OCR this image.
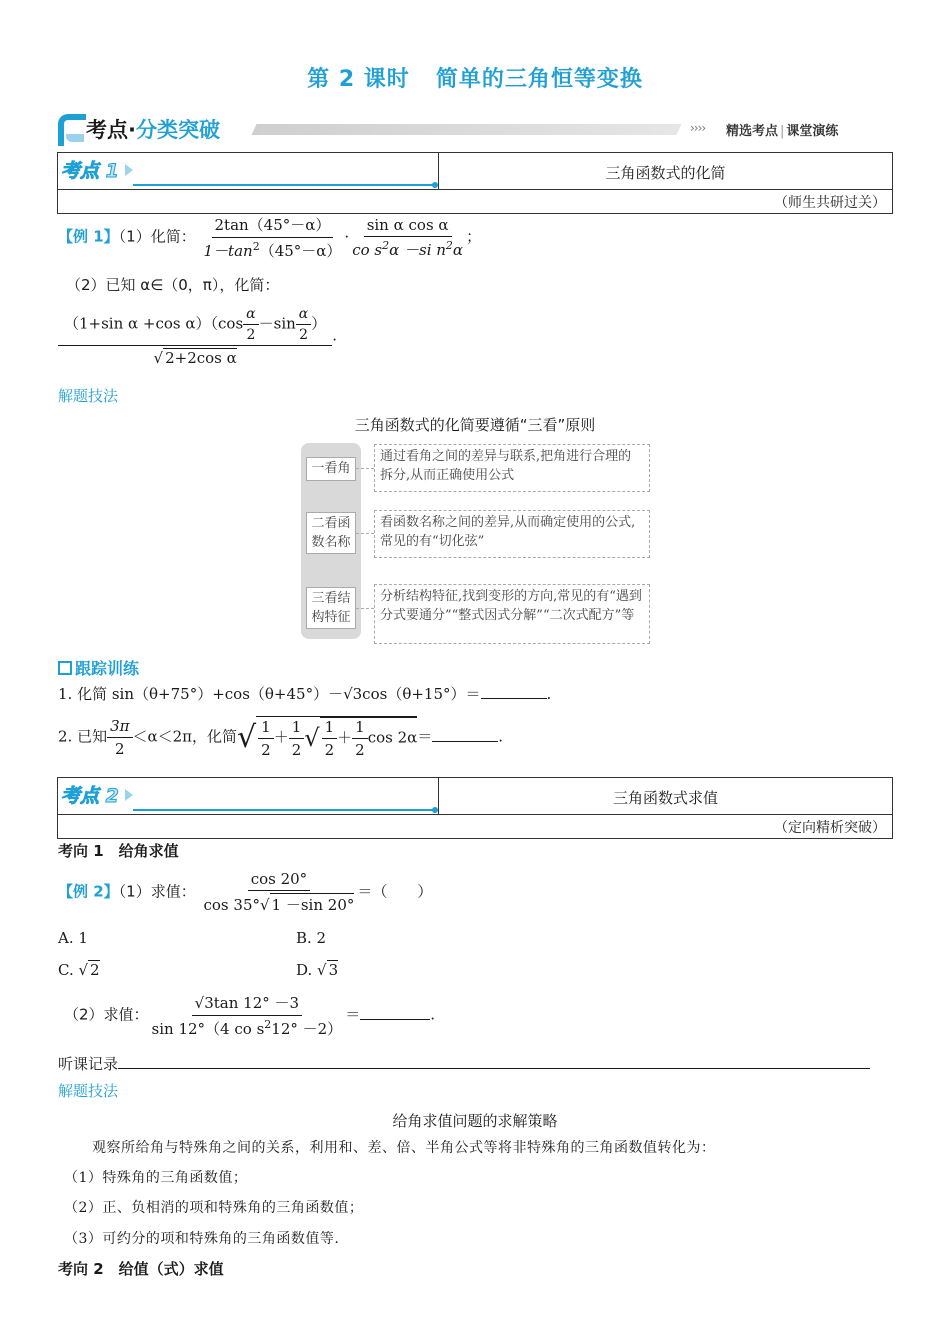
第 2 课时 简单的三角恒等变换
考点·分类突破	›››› 精选考点 | 课堂演练
考点 1	三角函数式的化简
（师生共研过关）
【例 1】（1）化简： $\frac{2\tan(45^\circ-\alpha)}{1-\tan^2(45^\circ-\alpha)} \cdot \frac{\text{sin α cos α}}{co s^2\alpha -si n^2\alpha}$ ；
（2）已知 α∈（0，π），化简：
$\frac{(1+\sin \alpha +\cos \alpha)(\cos \frac{\alpha}{2} -\sin \frac{\alpha}{2} )}{\text{√ 2+2cos α}}$ .
解题技法
三角函数式的化简要遵循“三看”原则
一看角
通过看角之间的差异与联系,把角进行合理的拆分,从而正确使用公式
二看函数名称
看函数名称之间的差异,从而确定使用的公式,常见的有“切化弦”
三看结构特征
分析结构特征,找到变形的方向,常见的有“遇到分式要通分”“整式因式分解”“二次式配方”等
跟踪训练
1. 化简 sin（θ+75°）+cos（θ+45°）－√3cos（θ+15°）＝	.
2. 已知 $\frac{3\pi}{2} <\alpha<2\pi$，化简√ $\frac{1}{2} + \frac{1}{2}$ √ $\frac{1}{2} + \frac{1}{2}$ cos 2α＝	.
考点 2	三角函数式求值
（定向精析突破）
考向 1　给角求值
【例 2】（1）求值： $\frac{\cos 20^\circ}{\cos 35^\circ√ 1 -\sin 20^\circ}$ ＝（　　）
A. 1	B. 2
C. √ 2	D. √ 3
（2）求值： $\frac{√3\tan 12^\circ -3}{\sin 12^\circ(4 co s^212^\circ -2)}$ ＝	.
听课记录
解题技法
给角求值问题的求解策略
观察所给角与特殊角之间的关系，利用和、差、倍、半角公式等将非特殊角的三角函数值转化为：
（1）特殊角的三角函数值；
（2）正、负相消的项和特殊角的三角函数值；
（3）可约分的项和特殊角的三角函数值等.
考向 2　给值（式）求值
